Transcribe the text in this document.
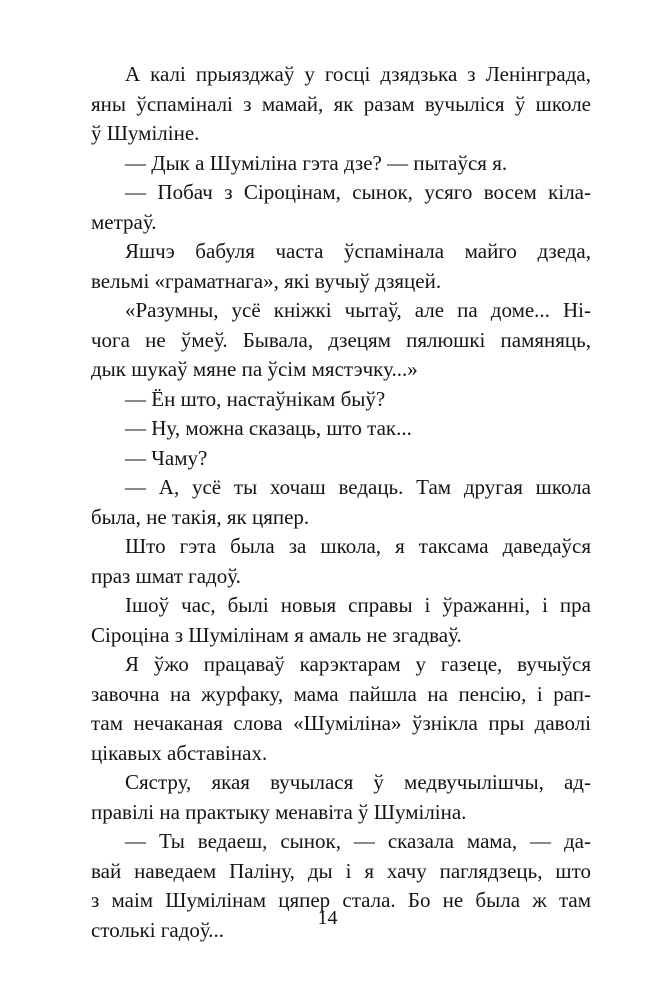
А калі прыязджаў у госці дзядзька з Ленінграда,
яны ўспаміналі з мамай, як разам вучыліся ў школе
ў Шуміліне.

— Дык а Шуміліна гэта дзе? — пытаўся я.

— Побач з Сіроцінам, сынок, усяго восем кіла-
метраў.

Яшчэ бабуля часта ўспамінала майго дзеда,
вельмі «граматнага», які вучыў дзяцей.

«Разумны, усё кніжкі чытаў, але па доме... Ні-
чога не ўмеў. Бывала, дзецям пялюшкі памяняць,
дык шукаў мяне па ўсім мястэчку...»

— Ён што, настаўнікам быў?

— Ну, можна сказаць, што так...

— Чаму?

— А, усё ты хочаш ведаць. Там другая школа
была, не такія, як цяпер.

Што гэта была за школа, я таксама даведаўся
праз шмат гадоў.

Ішоў час, былі новыя справы і ўражанні, і пра
Сіроціна з Шумілінам я амаль не згадваў.

Я ўжо працаваў карэктарам у газеце, вучыўся
завочна на журфаку, мама пайшла на пенсію, і рап-
там нечаканая слова «Шуміліна» ўзнікла пры даволі
цікавых абставінах.

Сястру, якая вучылася ў медвучылішчы, ад-
правілі на практыку менавіта ў Шуміліна.

— Ты ведаеш, сынок, — сказала мама, — да-
вай наведаем Паліну, ды і я хачу паглядзець, што
з маім Шумілінам цяпер стала. Бо не была ж там
столькі гадоў...	14
